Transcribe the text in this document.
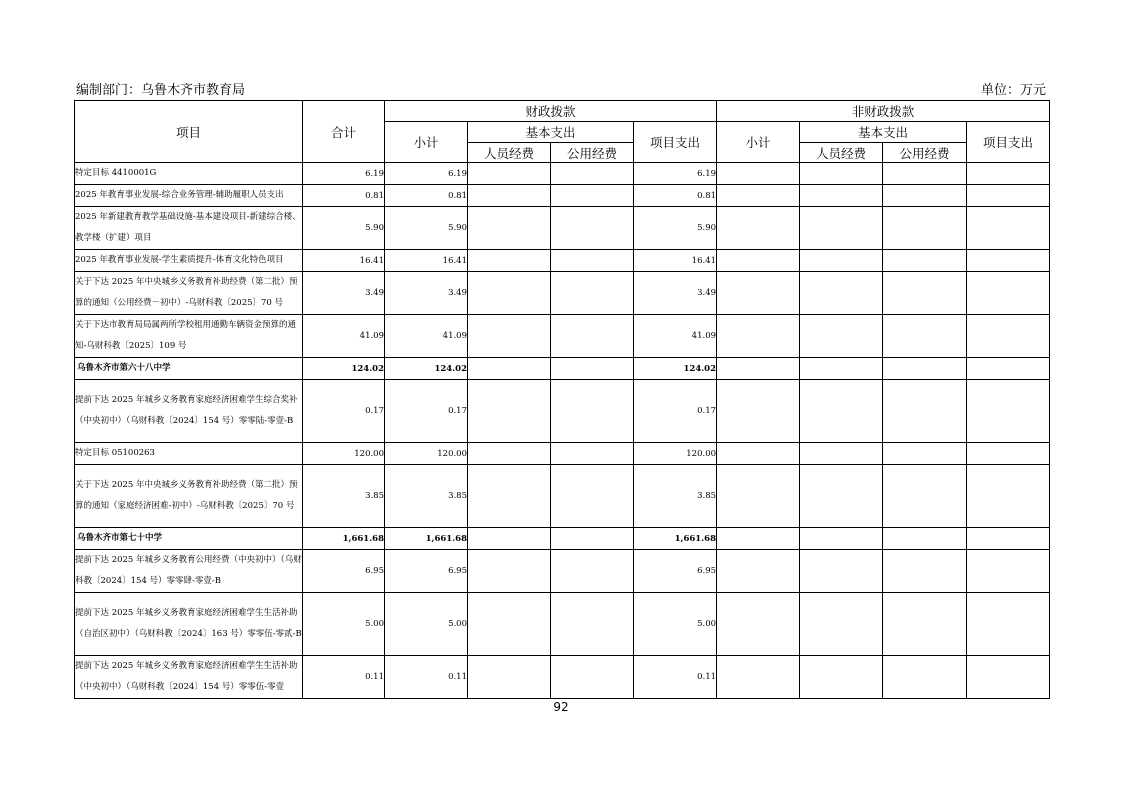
编制部门：乌鲁木齐市教育局	单位：万元
项目	合计	财政拨款				非财政拨款			
		小计	基本支出		项目支出	小计	基本支出		项目支出
			人员经费	公用经费			人员经费	公用经费	
特定目标 4410001G	6.19	6.19			6.19				
2025 年教育事业发展-综合业务管理-辅助履职人员支出	0.81	0.81			0.81				
2025 年新建教育教学基础设施-基本建设项目-新建综合楼、教学楼（扩建）项目	5.90	5.90			5.90				
2025 年教育事业发展-学生素质提升-体育文化特色项目	16.41	16.41			16.41				
关于下达 2025 年中央城乡义务教育补助经费（第二批）预算的通知（公用经费－初中）-乌财科教〔2025〕70 号	3.49	3.49			3.49				
关于下达市教育局局属两所学校租用通勤车辆资金预算的通知-乌财科教〔2025〕109 号	41.09	41.09			41.09				
乌鲁木齐市第六十八中学	124.02	124.02			124.02				
提前下达 2025 年城乡义务教育家庭经济困难学生综合奖补（中央初中）（乌财科教〔2024〕154 号）零零陆-零壹-B	0.17	0.17			0.17				
特定目标 05100263	120.00	120.00			120.00				
关于下达 2025 年中央城乡义务教育补助经费（第二批）预算的通知（家庭经济困难-初中）-乌财科教〔2025〕70 号	3.85	3.85			3.85				
乌鲁木齐市第七十中学	1,661.68	1,661.68			1,661.68				
提前下达 2025 年城乡义务教育公用经费（中央初中）（乌财科教〔2024〕154 号）零零肆-零壹-B	6.95	6.95			6.95				
提前下达 2025 年城乡义务教育家庭经济困难学生生活补助（自治区初中）（乌财科教〔2024〕163 号）零零伍-零贰-B	5.00	5.00			5.00				
提前下达 2025 年城乡义务教育家庭经济困难学生生活补助（中央初中）（乌财科教〔2024〕154 号）零零伍-零壹	0.11	0.11			0.11				
92
